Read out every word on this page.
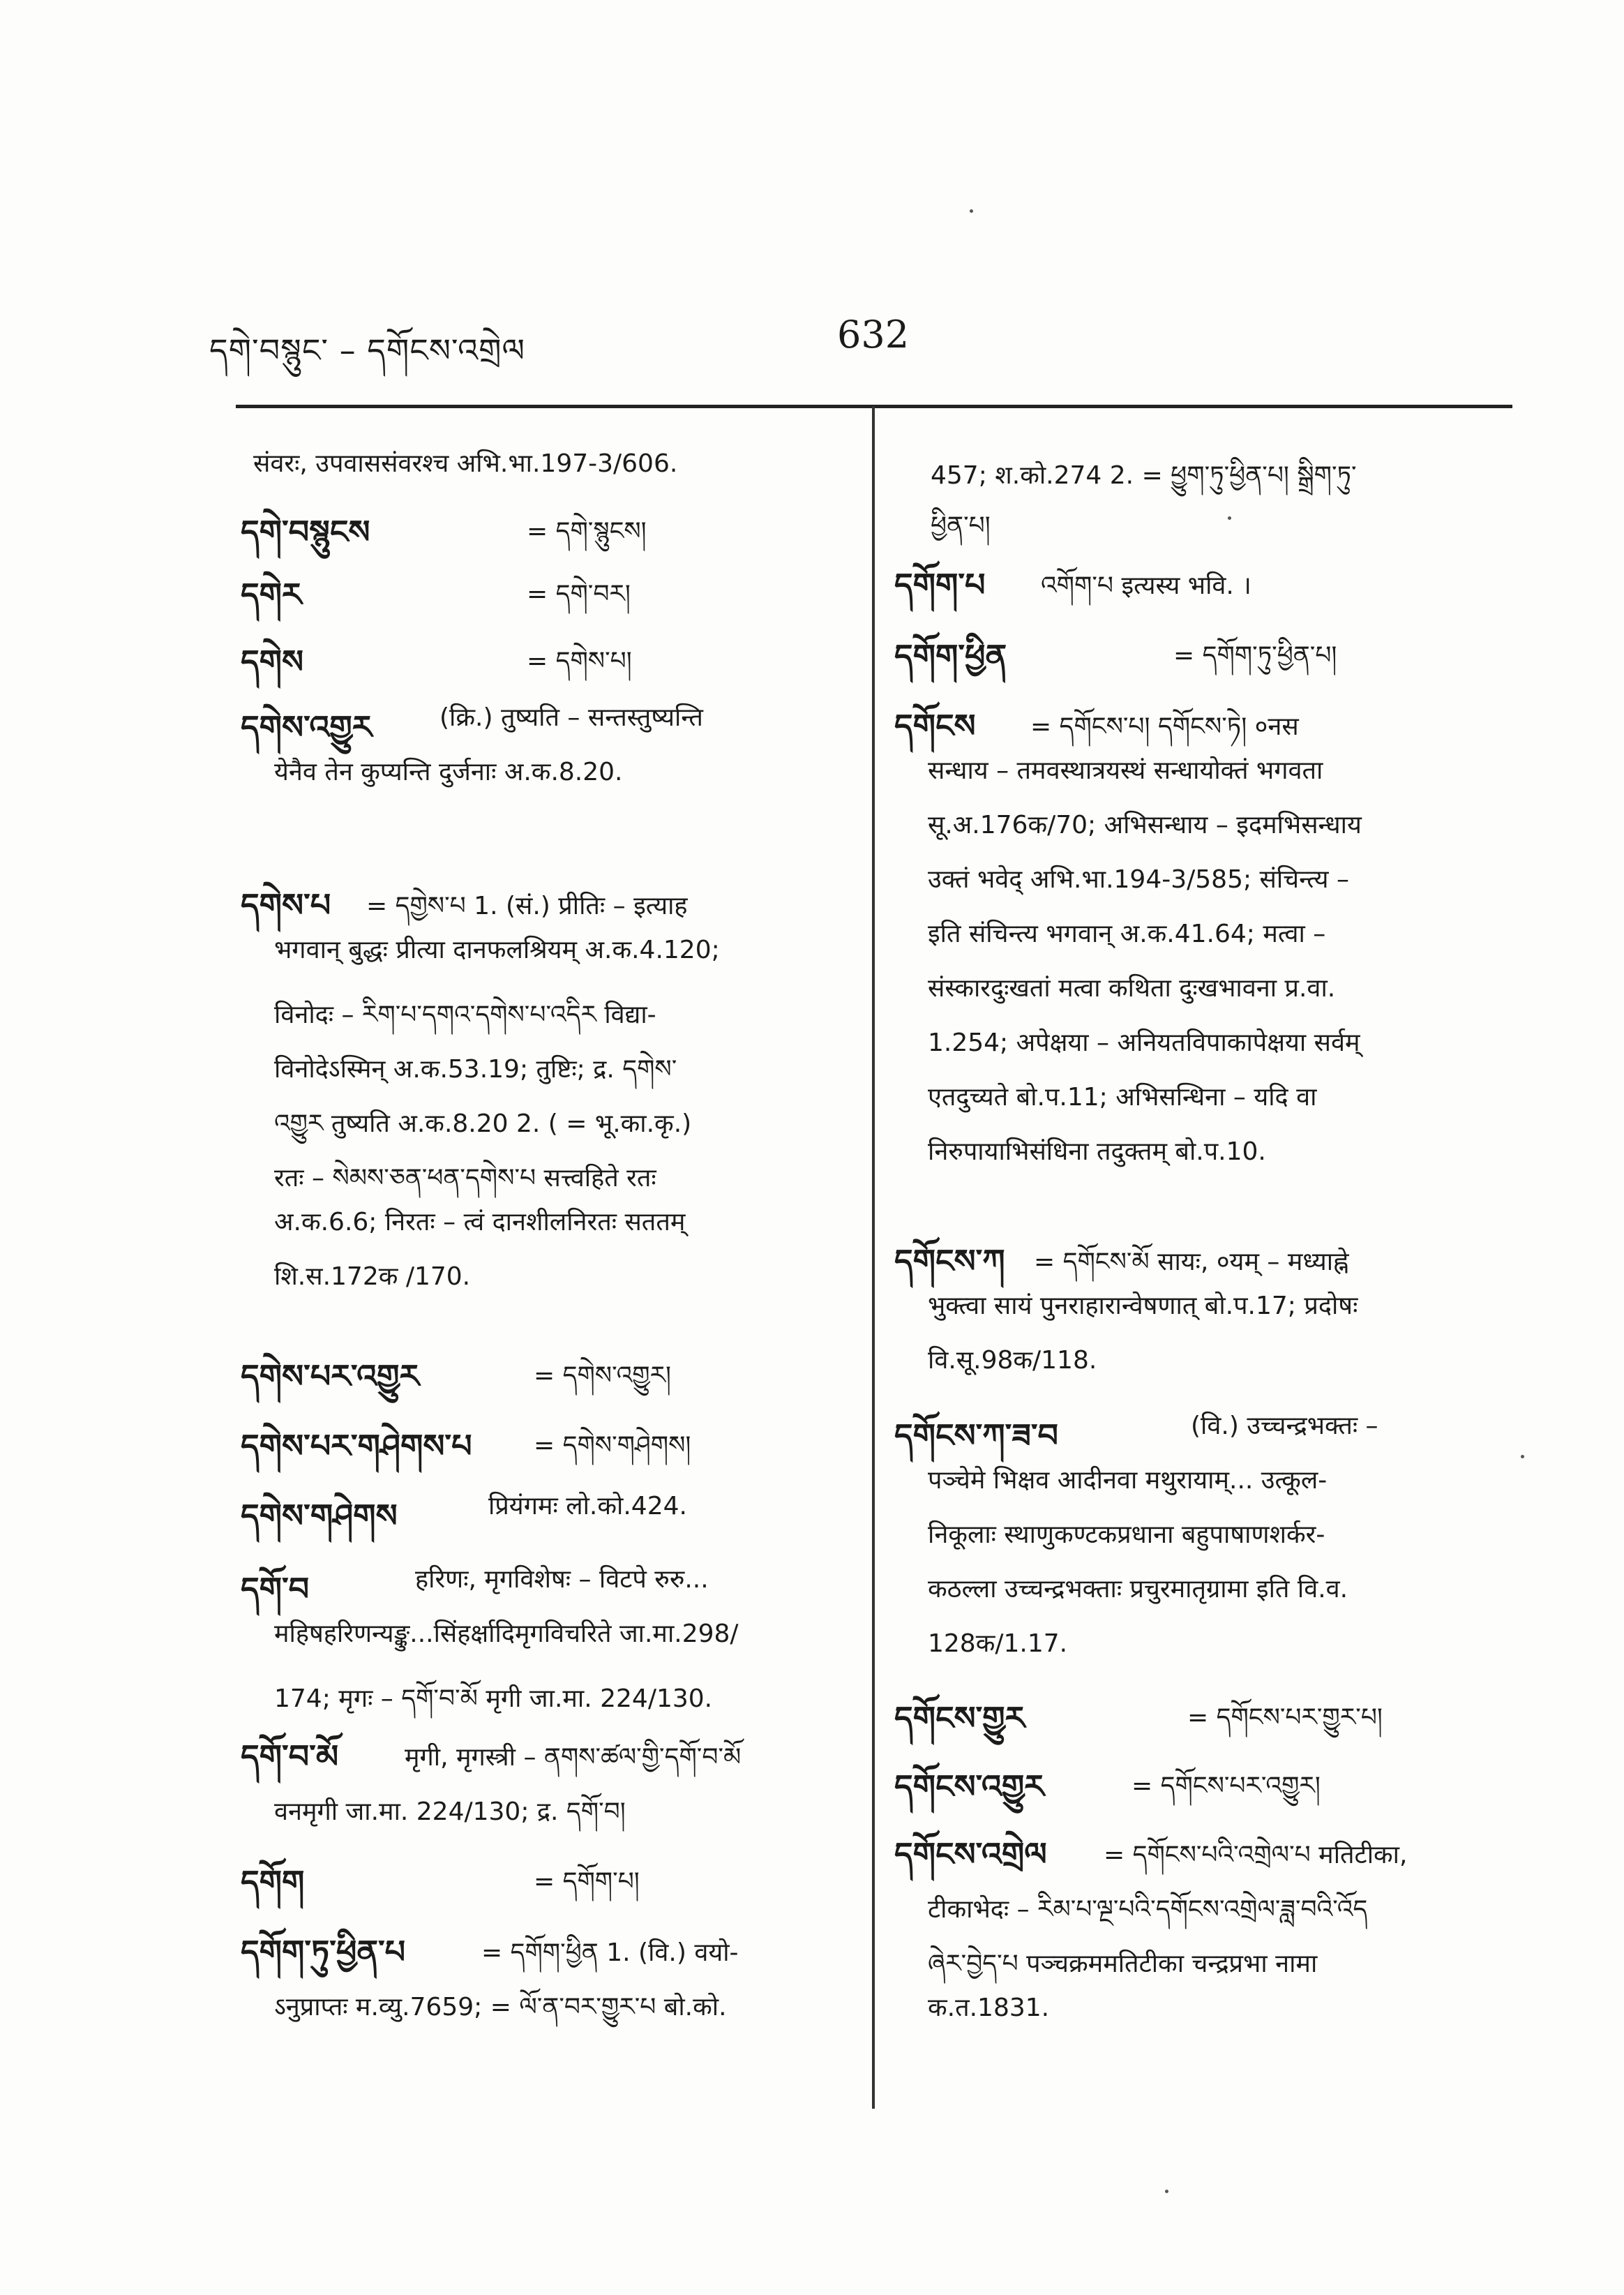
དགེ་བསྙུང་ – དགོངས་འགྲེལ	632
संवरः, उपवाससंवरश्च अभि.भा.197-3/606.
དགེ་བསྙུངས	= དགེ་སྙུངས།
དགེར	= དགེ་བར།
དགེས	= དགེས་པ།
དགེས་འགྱུར	(क्रि.) तुष्यति – सन्तस्तुष्यन्ति
येनैव तेन कुप्यन्ति दुर्जनाः अ.क.8.20.
དགེས་པ = དགྱེས་པ 1. (सं.) प्रीतिः – इत्याह
भगवान् बुद्धः प्रीत्या दानफलश्रियम् अ.क.4.120;
विनोदः – རིག་པ་དགའ་དགེས་པ་འདིར विद्या-
विनोदेऽस्मिन् अ.क.53.19; तुष्टिः; द्र. དགེས་
འགྱུར तुष्यति अ.क.8.20 2. ( = भू.का.कृ.)
रतः – སེམས་ཅན་ཕན་དགེས་པ सत्त्वहिते रतः
अ.क.6.6; निरतः – त्वं दानशीलनिरतः सततम्
शि.स.172क /170.
དགེས་པར་འགྱུར	= དགེས་འགྱུར།
དགེས་པར་གཤེགས་པ = དགེས་གཤེགས།
དགེས་གཤེགས	प्रियंगमः लो.को.424.
དགོ་བ	हरिणः, मृगविशेषः – विटपे रुरु...
महिषहरिणन्यङ्कु...सिंहर्क्षादिमृगविचरिते जा.मा.298/
174; मृगः – དགོ་བ་མོ मृगी जा.मा. 224/130.
དགོ་བ་མོ	मृगी, मृगस्त्री – ནགས་ཚལ་གྱི་དགོ་བ་མོ
वनमृगी जा.मा. 224/130; द्र. དགོ་བ།
དགོག	= དགོག་པ།
དགོག་ཏུ་ཕྱིན་པ	= དགོག་ཕྱིན 1. (वि.) वयो-
ऽनुप्राप्तः म.व्यु.7659; = ལོ་ན་བར་གྱུར་པ बो.को.
457; श.को.274 2. = ཕྱུག་ཏུ་ཕྱིན་པ། སྒྲིག་ཏུ་
ཕྱིན་པ།
དགོག་པ འགོག་པ इत्यस्य भवि. ।
དགོག་ཕྱིན	= དགོག་ཏུ་ཕྱིན་པ།
དགོངས = དགོངས་པ། དགོངས་ཏེ། ०नस
सन्धाय – तमवस्थात्रयस्थं सन्धायोक्तं भगवता
सू.अ.176क/70; अभिसन्धाय – इदमभिसन्धाय
उक्तं भवेद् अभि.भा.194-3/585; संचिन्त्य –
इति संचिन्त्य भगवान् अ.क.41.64; मत्वा –
संस्कारदुःखतां मत्वा कथिता दुःखभावना प्र.वा.
1.254; अपेक्षया – अनियतविपाकापेक्षया सर्वम्
एतदुच्यते बो.प.11; अभिसन्धिना – यदि वा
निरुपायाभिसंधिना तदुक्तम् बो.प.10.
དགོངས་ཀ = དགོངས་མོ सायः, ०यम् – मध्याह्ने
भुक्त्वा सायं पुनराहारान्वेषणात् बो.प.17; प्रदोषः
वि.सू.98क/118.
དགོངས་ཀ་ཟ་བ	(वि.) उच्चन्द्रभक्तः –
पञ्चेमे भिक्षव आदीनवा मथुरायाम्... उत्कूल-
निकूलाः स्थाणुकण्टकप्रधाना बहुपाषाणशर्कर-
कठल्ला उच्चन्द्रभक्ताः प्रचुरमातृग्रामा इति वि.व.
128क/1.17.
དགོངས་གྱུར	= དགོངས་པར་གྱུར་པ།
དགོངས་འགྱུར	= དགོངས་པར་འགྱུར།
དགོངས་འགྲེལ = དགོངས་པའི་འགྲེལ་པ मतिटीका,
टीकाभेदः – རིམ་པ་ལྔ་པའི་དགོངས་འགྲེལ་ཟླ་བའི་འོད
ཞེར་བྱེད་པ पञ्चक्रममतिटीका चन्द्रप्रभा नामा
क.त.1831.
